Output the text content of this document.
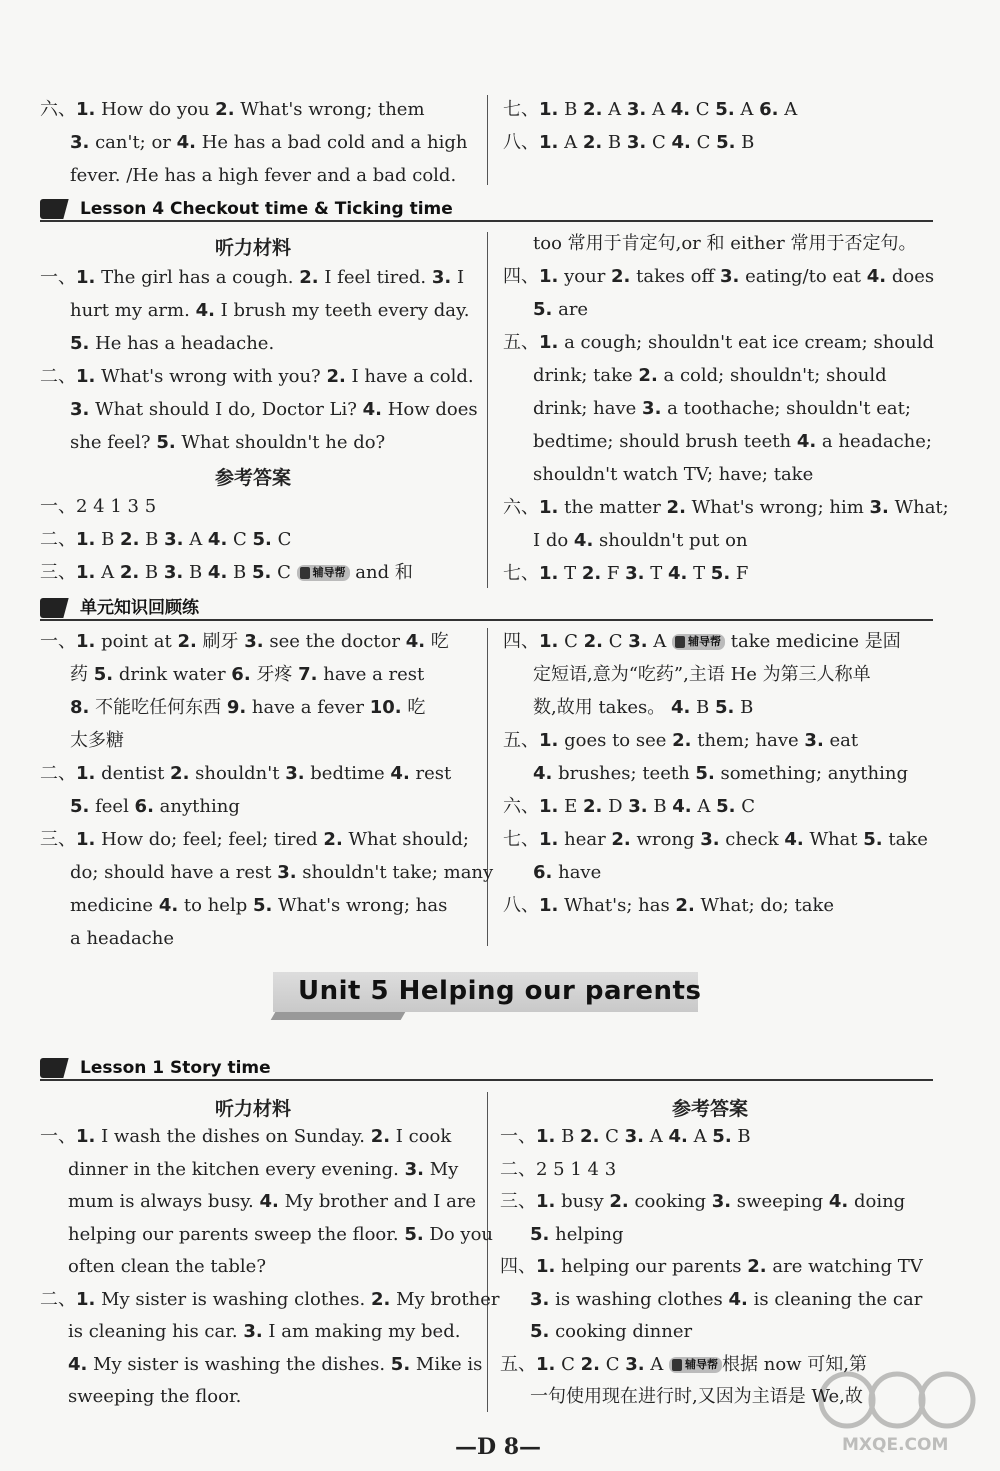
Lesson 4 Checkout time & Ticking time
听力材料
参考答案
单元知识回顾练
Unit 5 Helping our parents
Lesson 1 Story time
听力材料	参考答案
—D 8—	MXQE.COM
六、1. How do you 2. What's wrong; them
3. can't; or 4. He has a bad cold and a high
fever. /He has a high fever and a bad cold.
七、1. B 2. A 3. A 4. C 5. A 6. A
八、1. A 2. B 3. C 4. C 5. B
一、1. The girl has a cough. 2. I feel tired. 3. I
hurt my arm. 4. I brush my teeth every day.
5. He has a headache.
二、1. What's wrong with you? 2. I have a cold.
3. What should I do, Doctor Li? 4. How does
she feel? 5. What shouldn't he do?
一、2 4 1 3 5
二、1. B 2. B 3. A 4. C 5. C
三、1. A 2. B 3. B 4. B 5. C 辅导帮 and 和
too 常用于肯定句,or 和 either 常用于否定句。
四、1. your 2. takes off 3. eating/to eat 4. does
5. are
五、1. a cough; shouldn't eat ice cream; should
drink; take 2. a cold; shouldn't; should
drink; have 3. a toothache; shouldn't eat;
bedtime; should brush teeth 4. a headache;
shouldn't watch TV; have; take
六、1. the matter 2. What's wrong; him 3. What;
I do 4. shouldn't put on
七、1. T 2. F 3. T 4. T 5. F
一、1. point at 2. 刷牙 3. see the doctor 4. 吃
药 5. drink water 6. 牙疼 7. have a rest
8. 不能吃任何东西 9. have a fever 10. 吃
太多糖
二、1. dentist 2. shouldn't 3. bedtime 4. rest
5. feel 6. anything
三、1. How do; feel; feel; tired 2. What should;
do; should have a rest 3. shouldn't take; many
medicine 4. to help 5. What's wrong; has
a headache
四、1. C 2. C 3. A 辅导帮 take medicine 是固
定短语,意为“吃药”,主语 He 为第三人称单
数,故用 takes。 4. B 5. B
五、1. goes to see 2. them; have 3. eat
4. brushes; teeth 5. something; anything
六、1. E 2. D 3. B 4. A 5. C
七、1. hear 2. wrong 3. check 4. What 5. take
6. have
八、1. What's; has 2. What; do; take
一、1. I wash the dishes on Sunday. 2. I cook
dinner in the kitchen every evening. 3. My
mum is always busy. 4. My brother and I are
helping our parents sweep the floor. 5. Do you
often clean the table?
二、1. My sister is washing clothes. 2. My brother
is cleaning his car. 3. I am making my bed.
4. My sister is washing the dishes. 5. Mike is
sweeping the floor.
一、1. B 2. C 3. A 4. A 5. B
二、2 5 1 4 3
三、1. busy 2. cooking 3. sweeping 4. doing
5. helping
四、1. helping our parents 2. are watching TV
3. is washing clothes 4. is cleaning the car
5. cooking dinner
五、1. C 2. C 3. A 辅导帮 根据 now 可知,第
一句使用现在进行时,又因为主语是 We,故
